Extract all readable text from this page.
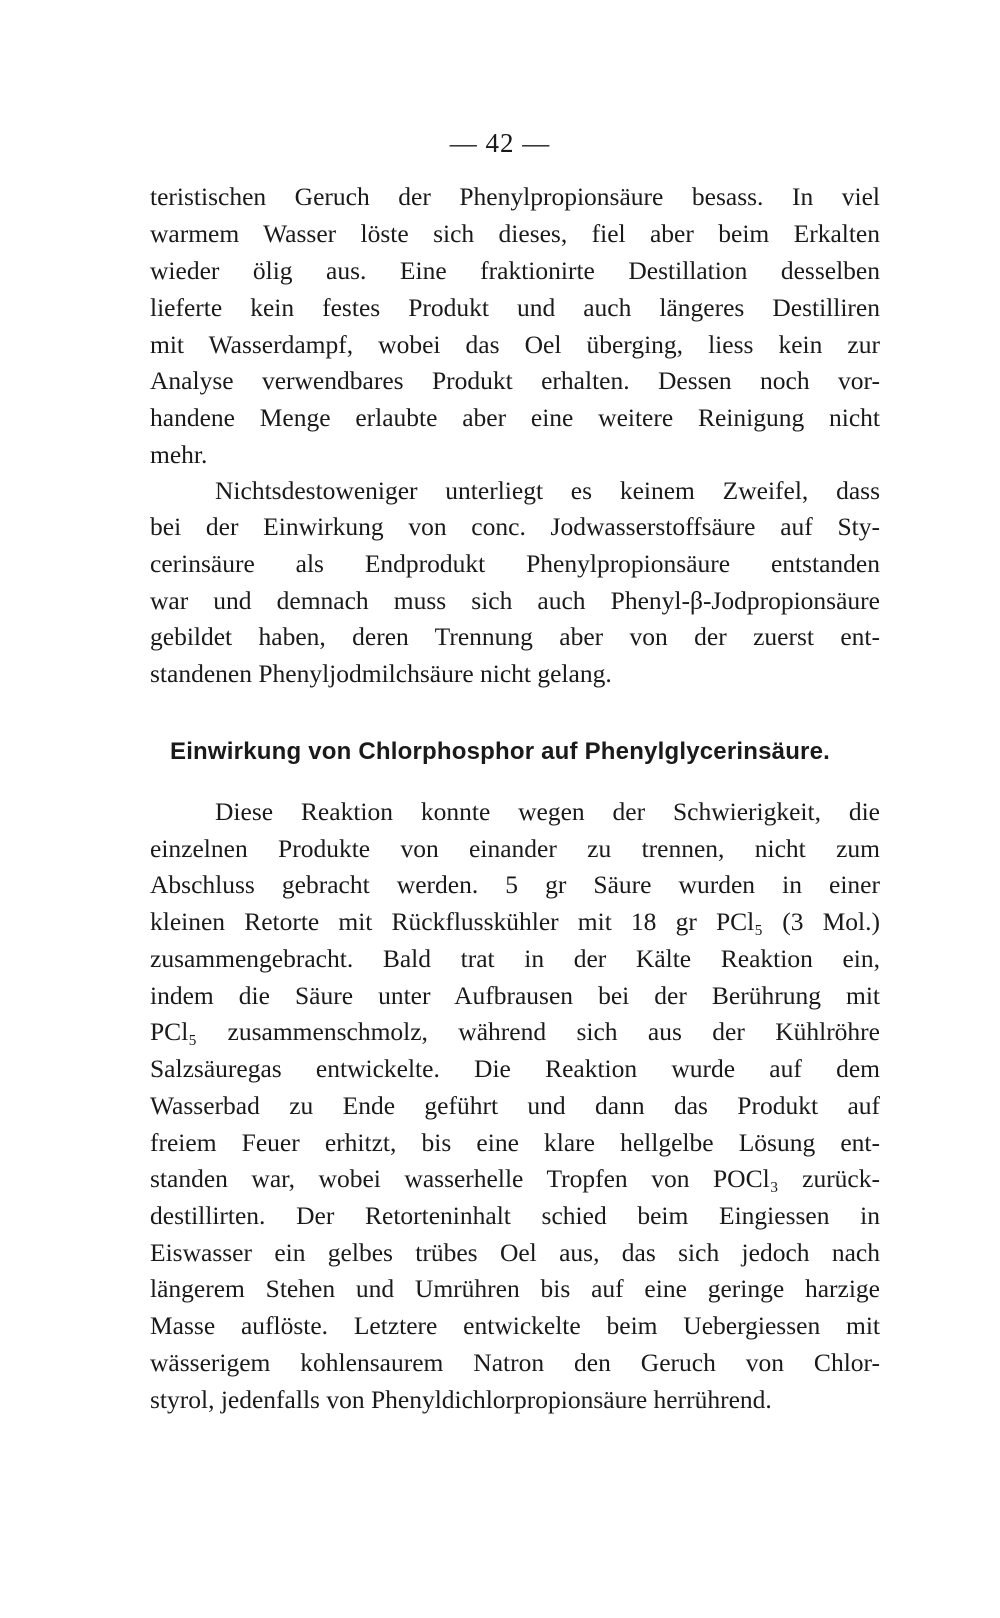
— 42 —
teristischen Geruch der Phenylpropionsäure besass. In viel
warmem Wasser löste sich dieses, fiel aber beim Erkalten
wieder ölig aus. Eine fraktionirte Destillation desselben
lieferte kein festes Produkt und auch längeres Destilliren
mit Wasserdampf, wobei das Oel überging, liess kein zur
Analyse verwendbares Produkt erhalten. Dessen noch vor-
handene Menge erlaubte aber eine weitere Reinigung nicht
mehr.
Nichtsdestoweniger unterliegt es keinem Zweifel, dass
bei der Einwirkung von conc. Jodwasserstoffsäure auf Sty-
cerinsäure als Endprodukt Phenylpropionsäure entstanden
war und demnach muss sich auch Phenyl-β-Jodpropionsäure
gebildet haben, deren Trennung aber von der zuerst ent-
standenen Phenyljodmilchsäure nicht gelang.
Einwirkung von Chlorphosphor auf Phenylglycerinsäure.
Diese Reaktion konnte wegen der Schwierigkeit, die
einzelnen Produkte von einander zu trennen, nicht zum
Abschluss gebracht werden. 5 gr Säure wurden in einer
kleinen Retorte mit Rückflusskühler mit 18 gr PCl₅ (3 Mol.)
zusammengebracht. Bald trat in der Kälte Reaktion ein,
indem die Säure unter Aufbrausen bei der Berührung mit
PCl₅ zusammenschmolz, während sich aus der Kühlröhre
Salzsäuregas entwickelte. Die Reaktion wurde auf dem
Wasserbad zu Ende geführt und dann das Produkt auf
freiem Feuer erhitzt, bis eine klare hellgelbe Lösung ent-
standen war, wobei wasserhelle Tropfen von POCl₃ zurück-
destillirten. Der Retorteninhalt schied beim Eingiessen in
Eiswasser ein gelbes trübes Oel aus, das sich jedoch nach
längerem Stehen und Umrühren bis auf eine geringe harzige
Masse auflöste. Letztere entwickelte beim Uebergiessen mit
wässerigem kohlensaurem Natron den Geruch von Chlor-
styrol, jedenfalls von Phenyldichlorpropionsäure herrührend.
